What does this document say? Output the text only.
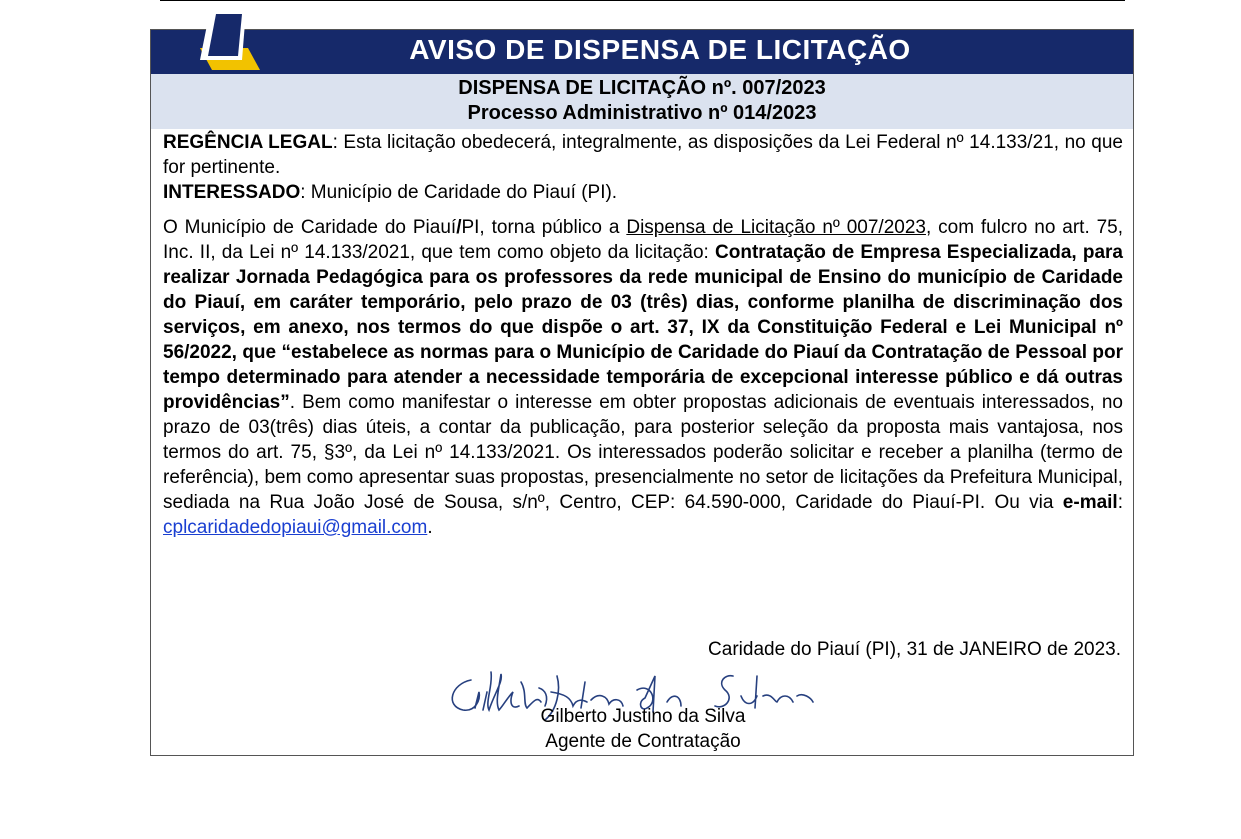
AVISO DE DISPENSA DE LICITAÇÃO
DISPENSA DE LICITAÇÃO nº. 007/2023
Processo Administrativo nº 014/2023

REGÊNCIA LEGAL: Esta licitação obedecerá, integralmente, as disposições da Lei Federal nº 14.133/21, no que for pertinente.

INTERESSADO: Município de Caridade do Piauí (PI).

O Município de Caridade do Piauí/PI, torna público a Dispensa de Licitação nº 007/2023, com fulcro no art. 75, Inc. II, da Lei nº 14.133/2021, que tem como objeto da licitação: Contratação de Empresa Especializada, para realizar Jornada Pedagógica para os professores da rede municipal de Ensino do município de Caridade do Piauí, em caráter temporário, pelo prazo de 03 (três) dias, conforme planilha de discriminação dos serviços, em anexo, nos termos do que dispõe o art. 37, IX da Constituição Federal e Lei Municipal nº 56/2022, que “estabelece as normas para o Município de Caridade do Piauí da Contratação de Pessoal por tempo determinado para atender a necessidade temporária de excepcional interesse público e dá outras providências”. Bem como manifestar o interesse em obter propostas adicionais de eventuais interessados, no prazo de 03(três) dias úteis, a contar da publicação, para posterior seleção da proposta mais vantajosa, nos termos do art. 75, §3º, da Lei nº 14.133/2021. Os interessados poderão solicitar e receber a planilha (termo de referência), bem como apresentar suas propostas, presencialmente no setor de licitações da Prefeitura Municipal, sediada na Rua João José de Sousa, s/nº, Centro, CEP: 64.590-000, Caridade do Piauí-PI. Ou via e-mail: cplcaridadedopiaui@gmail.com.

Caridade do Piauí (PI), 31 de JANEIRO de 2023.
Gilberto Justino da Silva
Agente de Contratação
